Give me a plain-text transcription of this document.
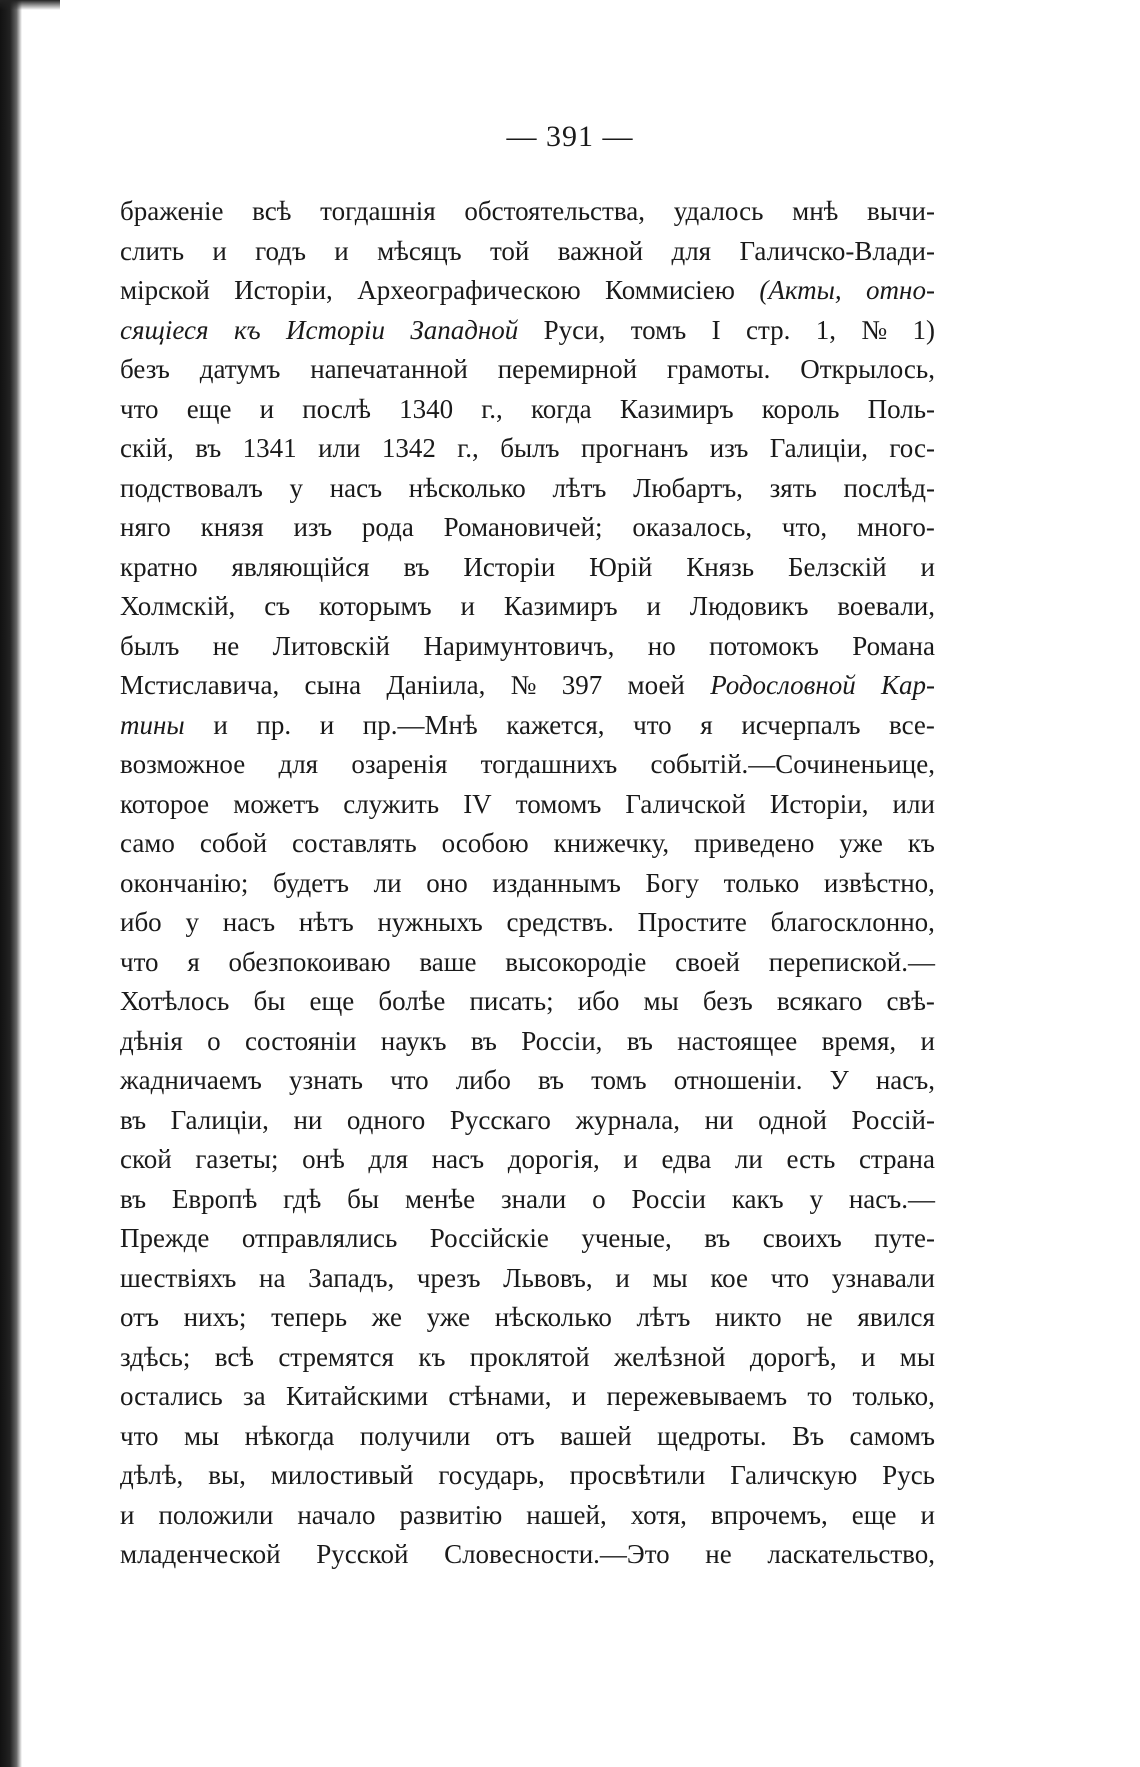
— 391 —
браженіе всѣ тогдашнія обстоятельства, удалось мнѣ вычи-
слить и годъ и мѣсяцъ той важной для Галичско-Влади-
мірской Исторіи, Археографическою Коммисіею (Акты, отно-
сящіеся къ Исторіи Западной Руси, томъ I стр. 1, № 1)
безъ датумъ напечатанной перемирной грамоты. Открылось,
что еще и послѣ 1340 г., когда Казимиръ король Поль-
скій, въ 1341 или 1342 г., былъ прогнанъ изъ Галиціи, гос-
подствовалъ у насъ нѣсколько лѣтъ Любартъ, зять послѣд-
няго князя изъ рода Романовичей; оказалось, что, много-
кратно являющійся въ Исторіи Юрій Князь Белзскій и
Холмскій, съ которымъ и Казимиръ и Людовикъ воевали,
былъ не Литовскій Наримунтовичъ, но потомокъ Романа
Мстиславича, сына Даніила, № 397 моей Родословной Кар-
тины и пр. и пр.—Мнѣ кажется, что я исчерпалъ все-
возможное для озаренія тогдашнихъ событій.—Сочиненьице,
которое можетъ служить IV томомъ Галичской Исторіи, или
само собой составлять особою книжечку, приведено уже къ
окончанію; будетъ ли оно изданнымъ Богу только извѣстно,
ибо у насъ нѣтъ нужныхъ средствъ. Простите благосклонно,
что я обезпокоиваю ваше высокородіе своей перепиской.—
Хотѣлось бы еще болѣе писать; ибо мы безъ всякаго свѣ-
дѣнія о состояніи наукъ въ Россіи, въ настоящее время, и
жадничаемъ узнать что либо въ томъ отношеніи. У насъ,
въ Галиціи, ни одного Русскаго журнала, ни одной Россій-
ской газеты; онѣ для насъ дорогія, и едва ли есть страна
въ Европѣ гдѣ бы менѣе знали о Россіи какъ у насъ.—
Прежде отправлялись Россійскіе ученые, въ своихъ путе-
шествіяхъ на Западъ, чрезъ Львовъ, и мы кое что узнавали
отъ нихъ; теперь же уже нѣсколько лѣтъ никто не явился
здѣсь; всѣ стремятся къ проклятой желѣзной дорогѣ, и мы
остались за Китайскими стѣнами, и пережевываемъ то только,
что мы нѣкогда получили отъ вашей щедроты. Въ самомъ
дѣлѣ, вы, милостивый государь, просвѣтили Галичскую Русь
и положили начало развитію нашей, хотя, впрочемъ, еще и
младенческой Русской Словесности.—Это не ласкательство,
